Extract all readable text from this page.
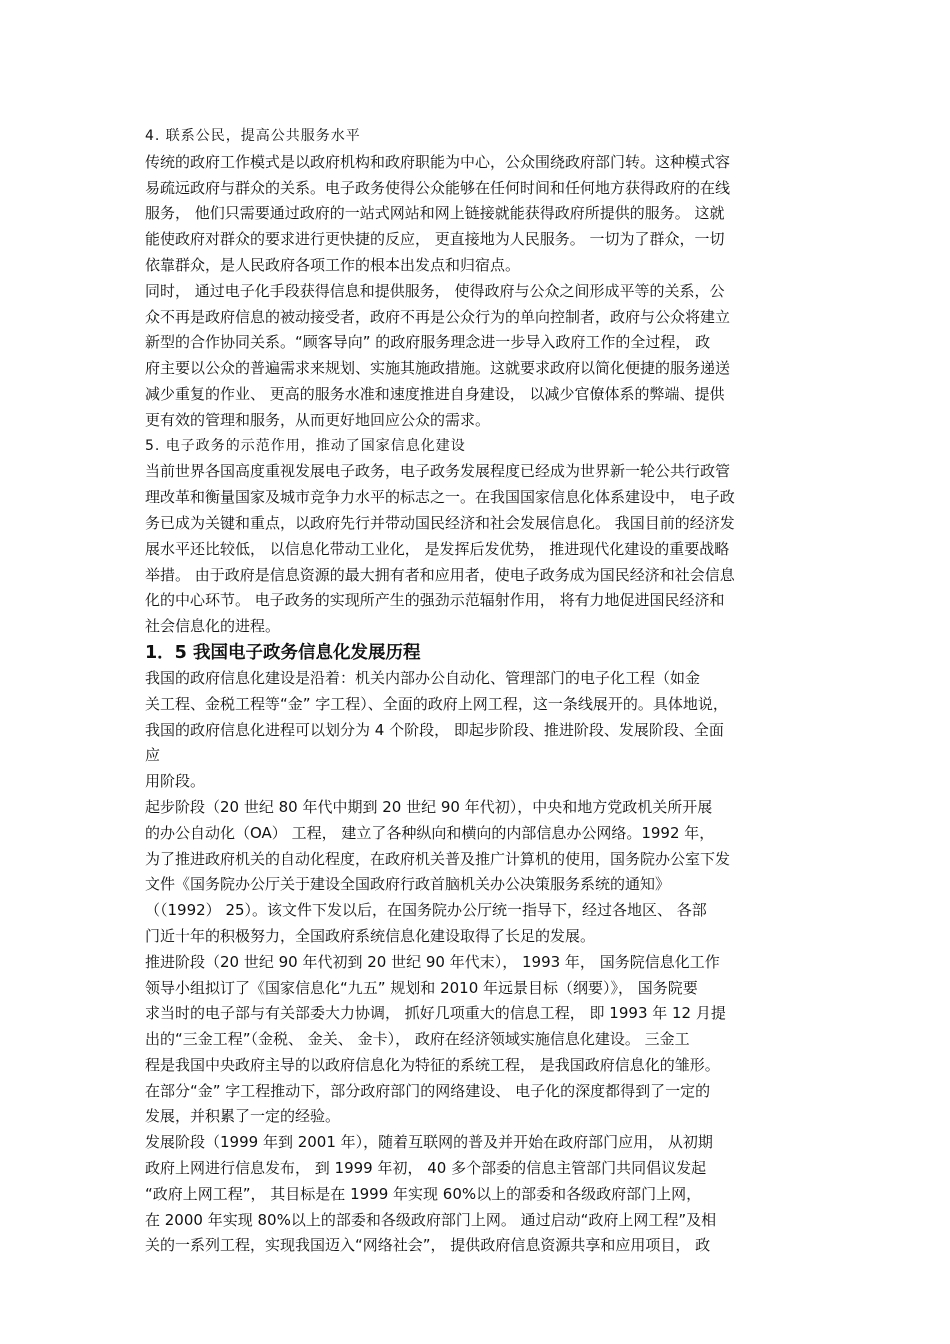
4. 联系公民，提高公共服务水平
传统的政府工作模式是以政府机构和政府职能为中心，公众围绕政府部门转。这种模式容
易疏远政府与群众的关系。电子政务使得公众能够在任何时间和任何地方获得政府的在线
服务， 他们只需要通过政府的一站式网站和网上链接就能获得政府所提供的服务。 这就
能使政府对群众的要求进行更快捷的反应， 更直接地为人民服务。 一切为了群众，一切
依靠群众，是人民政府各项工作的根本出发点和归宿点。
同时， 通过电子化手段获得信息和提供服务， 使得政府与公众之间形成平等的关系，公
众不再是政府信息的被动接受者，政府不再是公众行为的单向控制者，政府与公众将建立
新型的合作协同关系。“顾客导向” 的政府服务理念进一步导入政府工作的全过程， 政
府主要以公众的普遍需求来规划、实施其施政措施。这就要求政府以简化便捷的服务递送
减少重复的作业、 更高的服务水准和速度推进自身建设， 以减少官僚体系的弊端、提供
更有效的管理和服务，从而更好地回应公众的需求。
5. 电子政务的示范作用，推动了国家信息化建设
当前世界各国高度重视发展电子政务，电子政务发展程度已经成为世界新一轮公共行政管
理改革和衡量国家及城市竞争力水平的标志之一。在我国国家信息化体系建设中， 电子政
务已成为关键和重点，以政府先行并带动国民经济和社会发展信息化。 我国目前的经济发
展水平还比较低， 以信息化带动工业化， 是发挥后发优势， 推进现代化建设的重要战略
举措。 由于政府是信息资源的最大拥有者和应用者，使电子政务成为国民经济和社会信息
化的中心环节。 电子政务的实现所产生的强劲示范辐射作用， 将有力地促进国民经济和
社会信息化的进程。
1．5 我国电子政务信息化发展历程
我国的政府信息化建设是沿着：机关内部办公自动化、管理部门的电子化工程（如金
关工程、金税工程等“金” 字工程）、全面的政府上网工程，这一条线展开的。具体地说，
我国的政府信息化进程可以划分为 4 个阶段， 即起步阶段、推进阶段、发展阶段、全面
应
用阶段。
起步阶段（20 世纪 80 年代中期到 20 世纪 90 年代初），中央和地方党政机关所开展
的办公自动化（OA） 工程， 建立了各种纵向和横向的内部信息办公网络。1992 年，
为了推进政府机关的自动化程度，在政府机关普及推广计算机的使用，国务院办公室下发
文件《国务院办公厅关于建设全国政府行政首脑机关办公决策服务系统的通知》
（（1992） 25）。该文件下发以后，在国务院办公厅统一指导下，经过各地区、 各部
门近十年的积极努力，全国政府系统信息化建设取得了长足的发展。
推进阶段（20 世纪 90 年代初到 20 世纪 90 年代末）， 1993 年， 国务院信息化工作
领导小组拟订了《国家信息化“九五” 规划和 2010 年远景目标（纲要）》， 国务院要
求当时的电子部与有关部委大力协调， 抓好几项重大的信息工程， 即 1993 年 12 月提
出的“三金工程”（金税、 金关、 金卡）， 政府在经济领域实施信息化建设。 三金工
程是我国中央政府主导的以政府信息化为特征的系统工程， 是我国政府信息化的雏形。
在部分“金” 字工程推动下，部分政府部门的网络建设、 电子化的深度都得到了一定的
发展，并积累了一定的经验。
发展阶段（1999 年到 2001 年），随着互联网的普及并开始在政府部门应用， 从初期
政府上网进行信息发布， 到 1999 年初， 40 多个部委的信息主管部门共同倡议发起
“政府上网工程”， 其目标是在 1999 年实现 60%以上的部委和各级政府部门上网，
在 2000 年实现 80%以上的部委和各级政府部门上网。 通过启动“政府上网工程”及相
关的一系列工程，实现我国迈入“网络社会”， 提供政府信息资源共享和应用项目， 政
